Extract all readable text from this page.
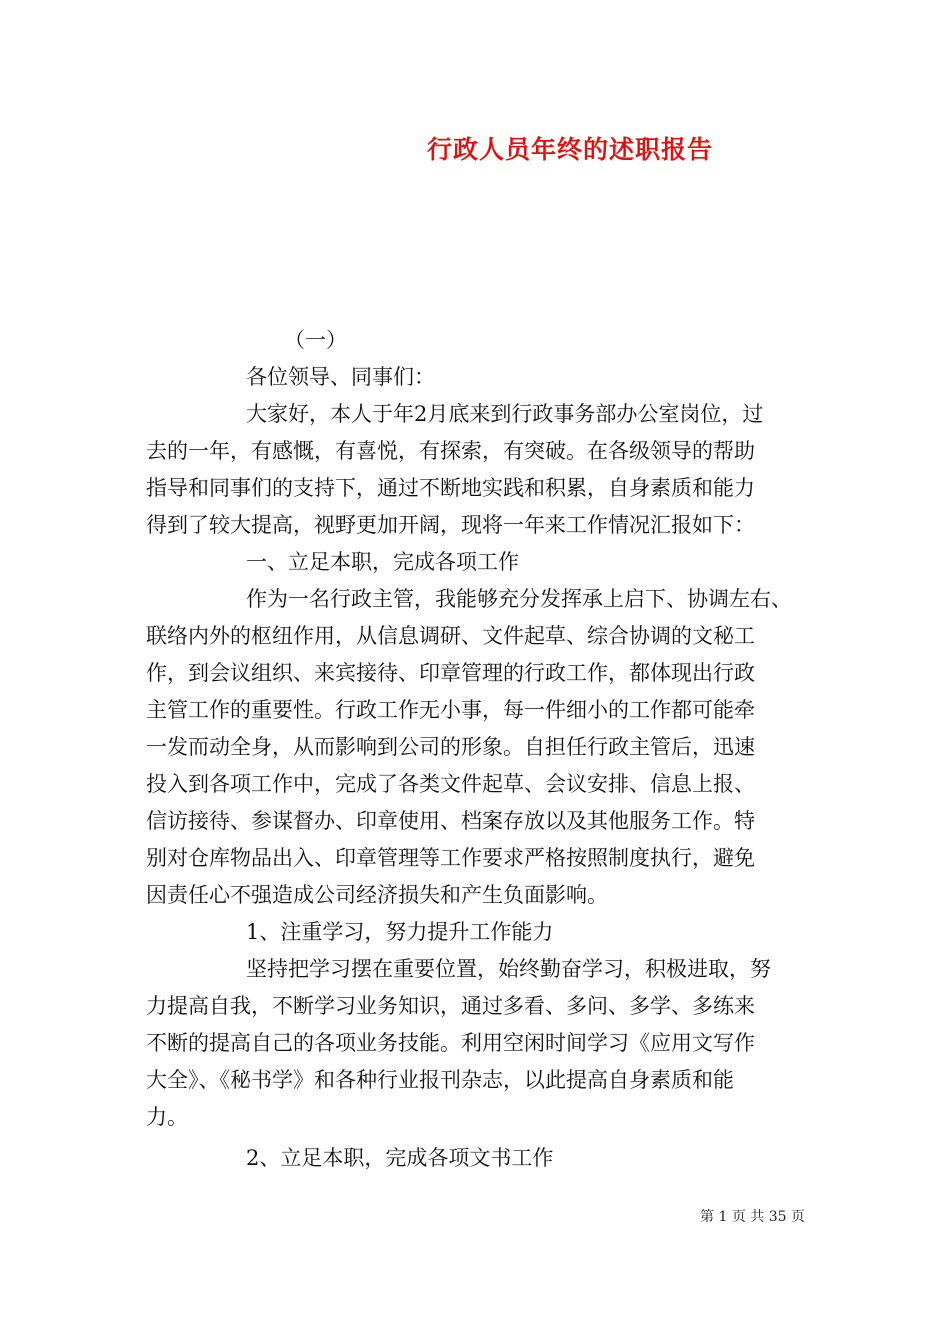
行政人员年终的述职报告
（一）
各位领导、同事们：
大家好，本人于年2月底来到行政事务部办公室岗位，过
去的一年，有感慨，有喜悦，有探索，有突破。在各级领导的帮助
指导和同事们的支持下，通过不断地实践和积累，自身素质和能力
得到了较大提高，视野更加开阔，现将一年来工作情况汇报如下：
一、立足本职，完成各项工作
作为一名行政主管，我能够充分发挥承上启下、协调左右、
联络内外的枢纽作用，从信息调研、文件起草、综合协调的文秘工
作，到会议组织、来宾接待、印章管理的行政工作，都体现出行政
主管工作的重要性。行政工作无小事，每一件细小的工作都可能牵
一发而动全身，从而影响到公司的形象。自担任行政主管后，迅速
投入到各项工作中，完成了各类文件起草、会议安排、信息上报、
信访接待、参谋督办、印章使用、档案存放以及其他服务工作。特
别对仓库物品出入、印章管理等工作要求严格按照制度执行，避免
因责任心不强造成公司经济损失和产生负面影响。
1、注重学习，努力提升工作能力
坚持把学习摆在重要位置，始终勤奋学习，积极进取，努
力提高自我，不断学习业务知识，通过多看、多问、多学、多练来
不断的提高自己的各项业务技能。利用空闲时间学习《应用文写作
大全》、《秘书学》和各种行业报刊杂志，以此提高自身素质和能
力。
2、立足本职，完成各项文书工作
第 1 页 共 35 页
